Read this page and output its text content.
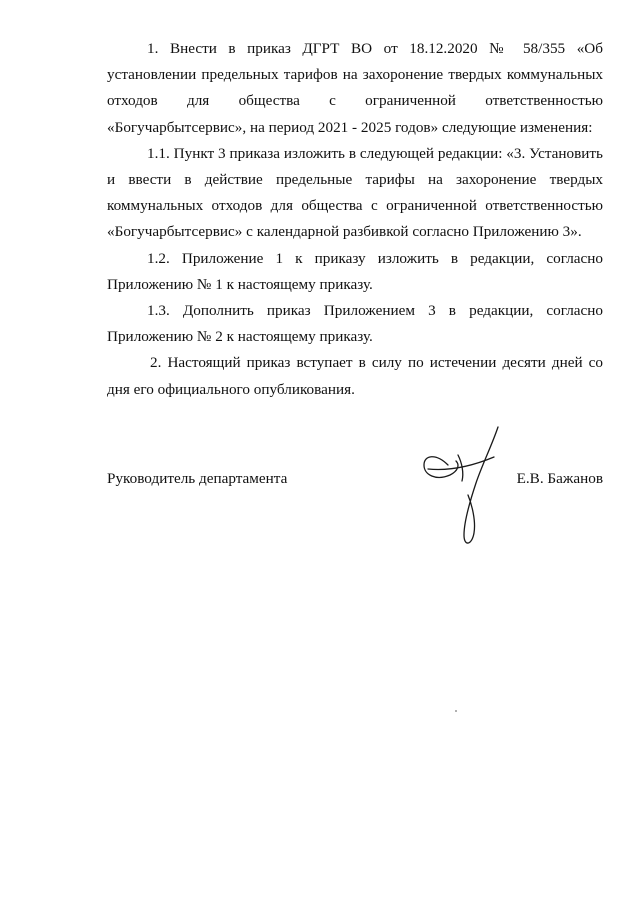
1. Внести в приказ ДГРТ ВО от 18.12.2020 № 58/355 «Об установлении предельных тарифов на захоронение твердых коммунальных отходов для общества с ограниченной ответственностью «Богучарбытсервис», на период 2021 - 2025 годов» следующие изменения:

1.1. Пункт 3 приказа изложить в следующей редакции: «3. Установить и ввести в действие предельные тарифы на захоронение твердых коммунальных отходов для общества с ограниченной ответственностью «Богучарбытсервис» с календарной разбивкой согласно Приложению 3».

1.2. Приложение 1 к приказу изложить в редакции, согласно Приложению № 1 к настоящему приказу.

1.3. Дополнить приказ Приложением 3 в редакции, согласно Приложению № 2 к настоящему приказу.

2. Настоящий приказ вступает в силу по истечении десяти дней со дня его официального опубликования.

Руководитель департамента	Е.В. Бажанов
